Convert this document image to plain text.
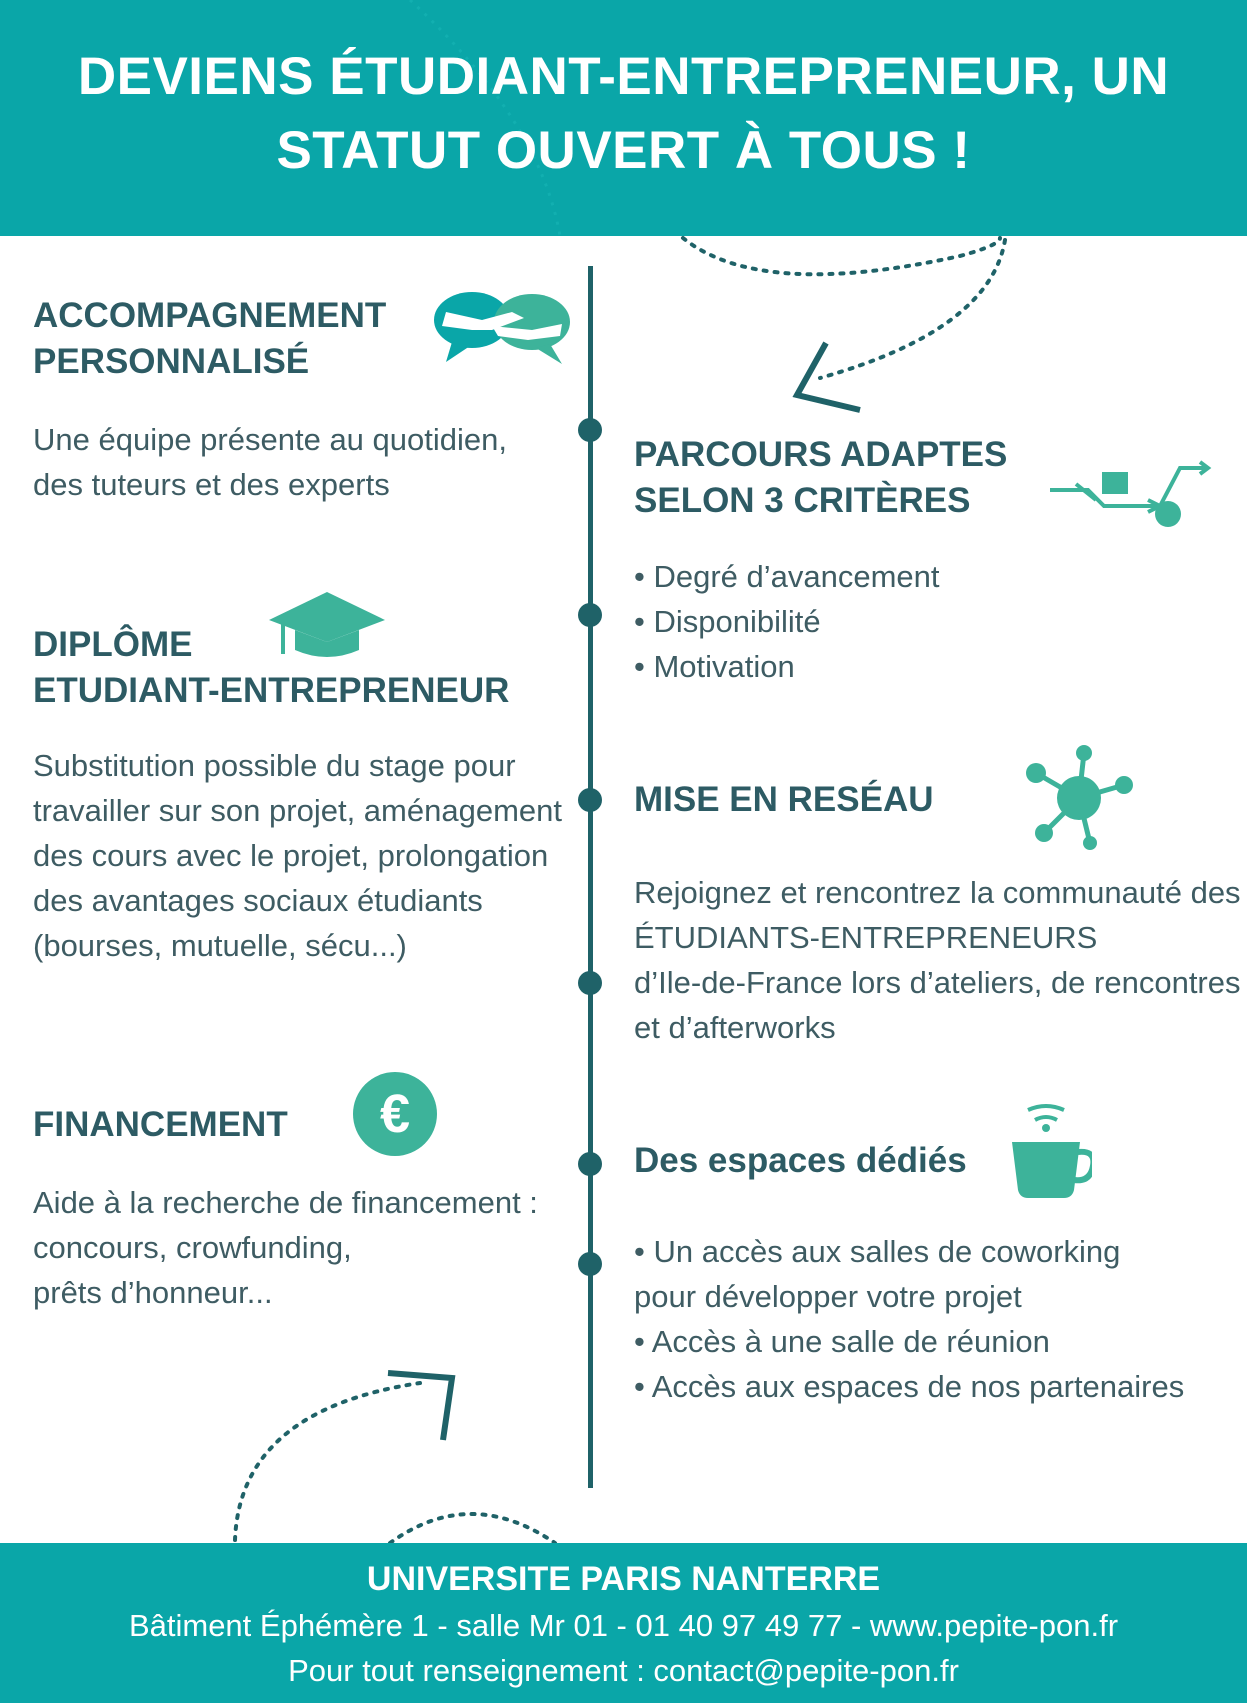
DEVIENS ÉTUDIANT-ENTREPRENEUR, UN
STATUT OUVERT À TOUS !
ACCOMPAGNEMENT
PERSONNALISÉ

Une équipe présente au quotidien,

des tuteurs et des experts

DIPLÔME
ETUDIANT-ENTREPRENEUR

Substitution possible du stage pour

travailler sur son projet, aménagement

des cours avec le projet, prolongation

des avantages sociaux étudiants

(bourses, mutuelle, sécu...)

FINANCEMENT	€

Aide à la recherche de financement :

concours, crowfunding,

prêts d’honneur...

PARCOURS ADAPTES
SELON 3 CRITÈRES

• Degré d’avancement

• Disponibilité

• Motivation

MISE EN RESÉAU

Rejoignez et rencontrez la communauté des

ÉTUDIANTS-ENTREPRENEURS

d’Ile-de-France lors d’ateliers, de rencontres

et d’afterworks

Des espaces dédiés

• Un accès aux salles de coworking

pour développer votre projet

• Accès à une salle de réunion

• Accès aux espaces de nos partenaires

UNIVERSITE PARIS NANTERRE
Bâtiment Éphémère 1 - salle Mr 01 - 01 40 97 49 77 - www.pepite-pon.fr
Pour tout renseignement : contact@pepite-pon.fr
